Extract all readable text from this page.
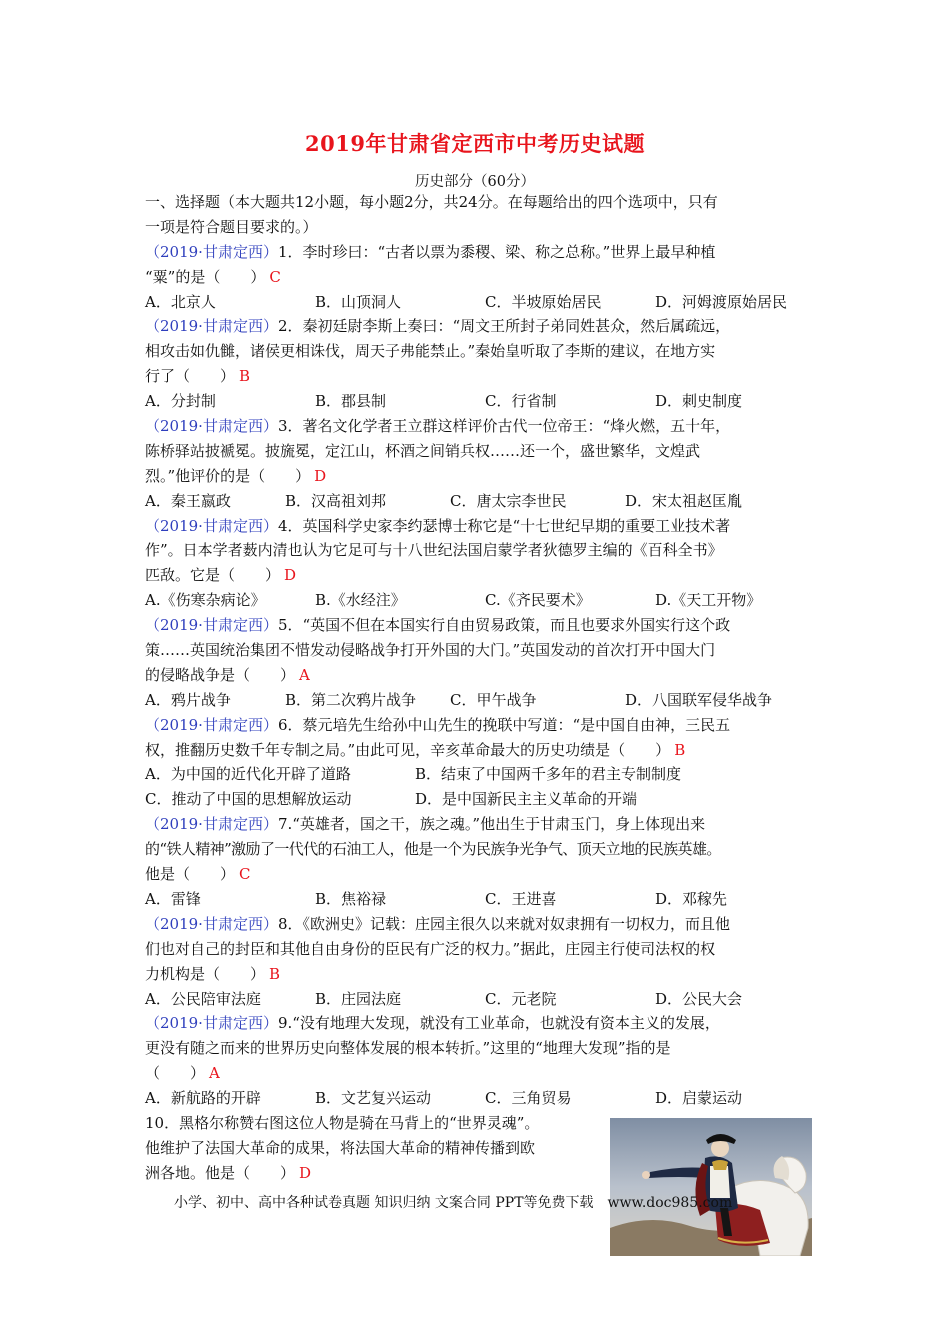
2019年甘肃省定西市中考历史试题
历史部分（60分）
一、选择题（本大题共12小题，每小题2分，共24分。在每题给出的四个选项中，只有
一项是符合题目要求的。）
（2019·甘肃定西）1．李时珍曰：“古者以票为黍稷、梁、称之总称。”世界上最早种植
“粟”的是（　　） C
A．北京人	B．山顶洞人	C．半坡原始居民	D．河姆渡原始居民
（2019·甘肃定西）2．秦初廷尉李斯上奏曰：“周文王所封子弟同姓甚众，然后属疏远，
相攻击如仇雠，诸侯更相诛伐，周天子弗能禁止。”秦始皇听取了李斯的建议，在地方实
行了（　　） B
A．分封制	B．郡县制	C．行省制	D．刺史制度
（2019·甘肃定西）3．著名文化学者王立群这样评价古代一位帝王：“烽火燃，五十年，
陈桥驿站披褫冕。披旒冕，定江山，杯酒之间销兵权……还一个，盛世繁华，文煌武
烈。”他评价的是（　　） D
A．秦王嬴政	B．汉高祖刘邦	C．唐太宗李世民	D．宋太祖赵匡胤
（2019·甘肃定西）4．英国科学史家李约瑟博士称它是“十七世纪早期的重要工业技术著
作”。日本学者薮内清也认为它足可与十八世纪法国启蒙学者狄德罗主编的《百科全书》
匹敌。它是（　　） D
A.《伤寒杂病论》	B.《水经注》	C.《齐民要术》	D.《天工开物》
（2019·甘肃定西）5．“英国不但在本国实行自由贸易政策，而且也要求外国实行这个政
策……英国统治集团不惜发动侵略战争打开外国的大门。”英国发动的首次打开中国大门
的侵略战争是（　　） A
A．鸦片战争	B．第二次鸦片战争	C．甲午战争	D．八国联军侵华战争
（2019·甘肃定西）6．蔡元培先生给孙中山先生的挽联中写道：“是中国自由神，三民五
权，推翻历史数千年专制之局。”由此可见，辛亥革命最大的历史功绩是（　　） B
A．为中国的近代化开辟了道路	B．结束了中国两千多年的君主专制制度
C．推动了中国的思想解放运动	D．是中国新民主主义革命的开端
（2019·甘肃定西）7.“英雄者，国之干，族之魂。”他出生于甘肃玉门，身上体现出来
的“铁人精神”激励了一代代的石油工人，他是一个为民族争光争气、顶天立地的民族英雄。
他是（　　） C
A．雷锋	B．焦裕禄	C．王进喜	D．邓稼先
（2019·甘肃定西）8．《欧洲史》记载：庄园主很久以来就对奴隶拥有一切权力，而且他
们也对自己的封臣和其他自由身份的臣民有广泛的权力。”据此，庄园主行使司法权的权
力机构是（　　） B
A．公民陪审法庭	B．庄园法庭	C．元老院	D．公民大会
（2019·甘肃定西）9.“没有地理大发现，就没有工业革命，也就没有资本主义的发展，
更没有随之而来的世界历史向整体发展的根本转折。”这里的“地理大发现”指的是
（　　） A
A．新航路的开辟	B．文艺复兴运动	C．三角贸易	D．启蒙运动
10．黑格尔称赞右图这位人物是骑在马背上的“世界灵魂”。
他维护了法国大革命的成果，将法国大革命的精神传播到欧
洲各地。他是（　　） D
小学、初中、高中各种试卷真题 知识归纳 文案合同 PPT等免费下载　www.doc985.com
